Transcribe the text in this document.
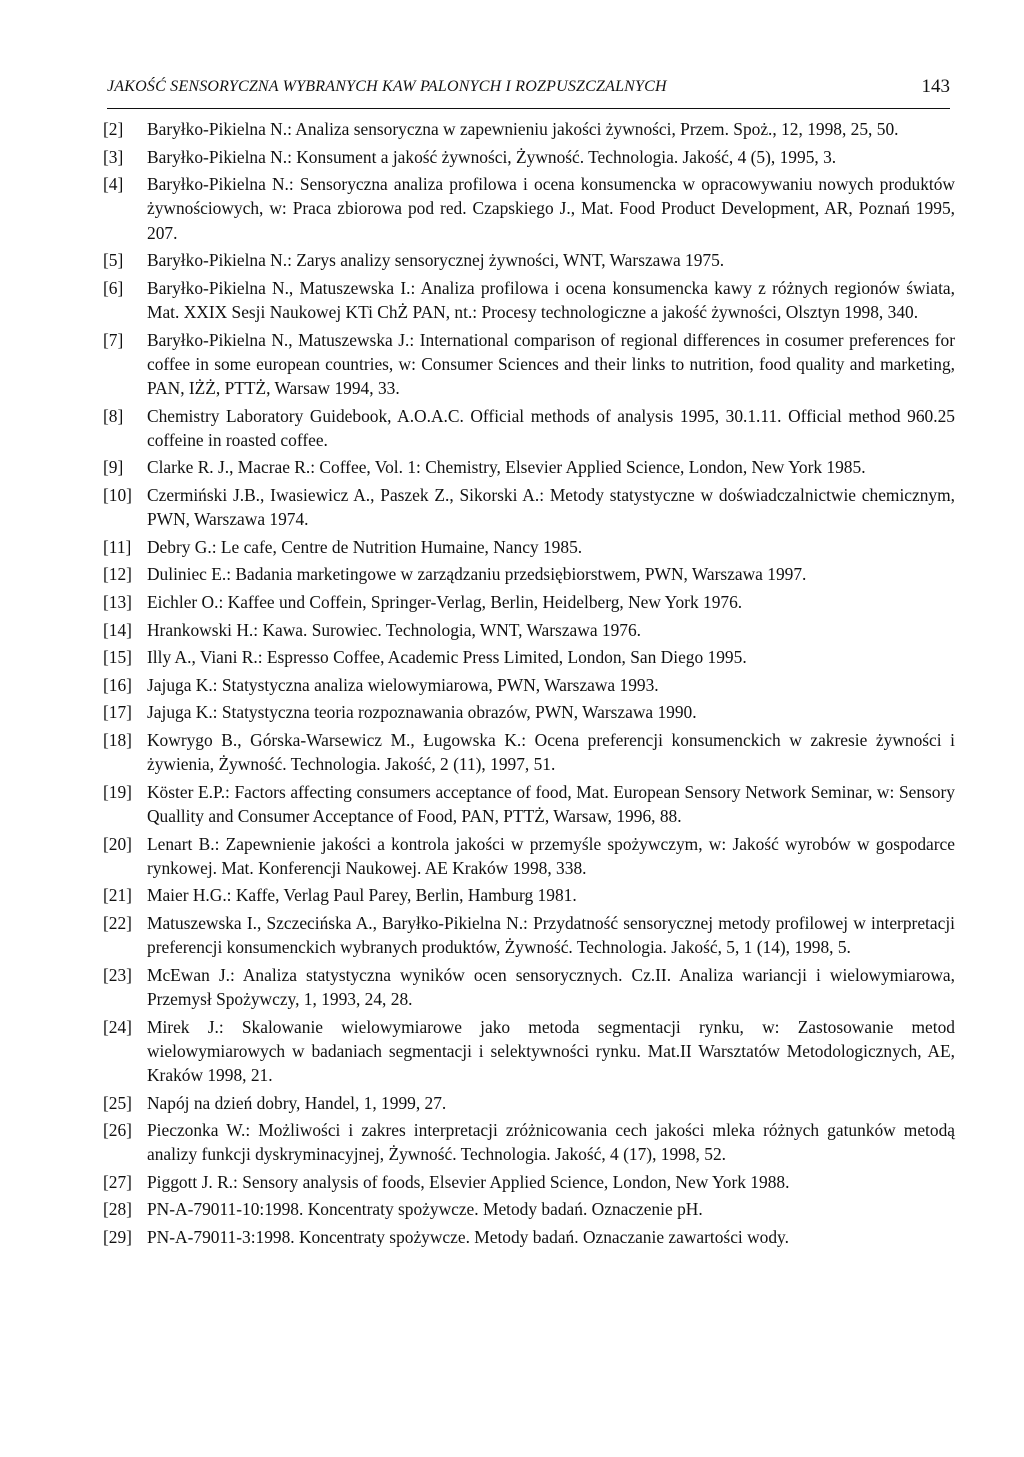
JAKOŚĆ SENSORYCZNA WYBRANYCH KAW PALONYCH I ROZPUSZCZALNYCH	143
[2] Baryłko-Pikielna N.: Analiza sensoryczna w zapewnieniu jakości żywności, Przem. Spoż., 12, 1998, 25, 50.
[3] Baryłko-Pikielna N.: Konsument a jakość żywności, Żywność. Technologia. Jakość, 4 (5), 1995, 3.
[4] Baryłko-Pikielna N.: Sensoryczna analiza profilowa i ocena konsumencka w opracowywaniu nowych produktów żywnościowych, w: Praca zbiorowa pod red. Czapskiego J., Mat. Food Product Development, AR, Poznań 1995, 207.
[5] Baryłko-Pikielna N.: Zarys analizy sensorycznej żywności, WNT, Warszawa 1975.
[6] Baryłko-Pikielna N., Matuszewska I.: Analiza profilowa i ocena konsumencka kawy z różnych regionów świata, Mat. XXIX Sesji Naukowej KTi ChŻ PAN, nt.: Procesy technologiczne a jakość żywności, Olsztyn 1998, 340.
[7] Baryłko-Pikielna N., Matuszewska J.: International comparison of regional differences in cosumer preferences for coffee in some european countries, w: Consumer Sciences and their links to nutrition, food quality and marketing, PAN, IŻŻ, PTTŻ, Warsaw 1994, 33.
[8] Chemistry Laboratory Guidebook, A.O.A.C. Official methods of analysis 1995, 30.1.11. Official method 960.25 coffeine in roasted coffee.
[9] Clarke R. J., Macrae R.: Coffee, Vol. 1: Chemistry, Elsevier Applied Science, London, New York 1985.
[10] Czermiński J.B., Iwasiewicz A., Paszek Z., Sikorski A.: Metody statystyczne w doświadczalnictwie chemicznym, PWN, Warszawa 1974.
[11] Debry G.: Le cafe, Centre de Nutrition Humaine, Nancy 1985.
[12] Duliniec E.: Badania marketingowe w zarządzaniu przedsiębiorstwem, PWN, Warszawa 1997.
[13] Eichler O.: Kaffee und Coffein, Springer-Verlag, Berlin, Heidelberg, New York 1976.
[14] Hrankowski H.: Kawa. Surowiec. Technologia, WNT, Warszawa 1976.
[15] Illy A., Viani R.: Espresso Coffee, Academic Press Limited, London, San Diego 1995.
[16] Jajuga K.: Statystyczna analiza wielowymiarowa, PWN, Warszawa 1993.
[17] Jajuga K.: Statystyczna teoria rozpoznawania obrazów, PWN, Warszawa 1990.
[18] Kowrygo B., Górska-Warsewicz M., Ługowska K.: Ocena preferencji konsumenckich w zakresie żywności i żywienia, Żywność. Technologia. Jakość, 2 (11), 1997, 51.
[19] Köster E.P.: Factors affecting consumers acceptance of food, Mat. European Sensory Network Seminar, w: Sensory Quallity and Consumer Acceptance of Food, PAN, PTTŻ, Warsaw, 1996, 88.
[20] Lenart B.: Zapewnienie jakości a kontrola jakości w przemyśle spożywczym, w: Jakość wyrobów w gospodarce rynkowej. Mat. Konferencji Naukowej. AE Kraków 1998, 338.
[21] Maier H.G.: Kaffe, Verlag Paul Parey, Berlin, Hamburg 1981.
[22] Matuszewska I., Szczecińska A., Baryłko-Pikielna N.: Przydatność sensorycznej metody profilowej w interpretacji preferencji konsumenckich wybranych produktów, Żywność. Technologia. Jakość, 5, 1 (14), 1998, 5.
[23] McEwan J.: Analiza statystyczna wyników ocen sensorycznych. Cz.II. Analiza wariancji i wielowymiarowa, Przemysł Spożywczy, 1, 1993, 24, 28.
[24] Mirek J.: Skalowanie wielowymiarowe jako metoda segmentacji rynku, w: Zastosowanie metod wielowymiarowych w badaniach segmentacji i selektywności rynku. Mat.II Warsztatów Metodologicznych, AE, Kraków 1998, 21.
[25] Napój na dzień dobry, Handel, 1, 1999, 27.
[26] Pieczonka W.: Możliwości i zakres interpretacji zróżnicowania cech jakości mleka różnych gatunków metodą analizy funkcji dyskryminacyjnej, Żywność. Technologia. Jakość, 4 (17), 1998, 52.
[27] Piggott J. R.: Sensory analysis of foods, Elsevier Applied Science, London, New York 1988.
[28] PN-A-79011-10:1998. Koncentraty spożywcze. Metody badań. Oznaczenie pH.
[29] PN-A-79011-3:1998. Koncentraty spożywcze. Metody badań. Oznaczanie zawartości wody.
